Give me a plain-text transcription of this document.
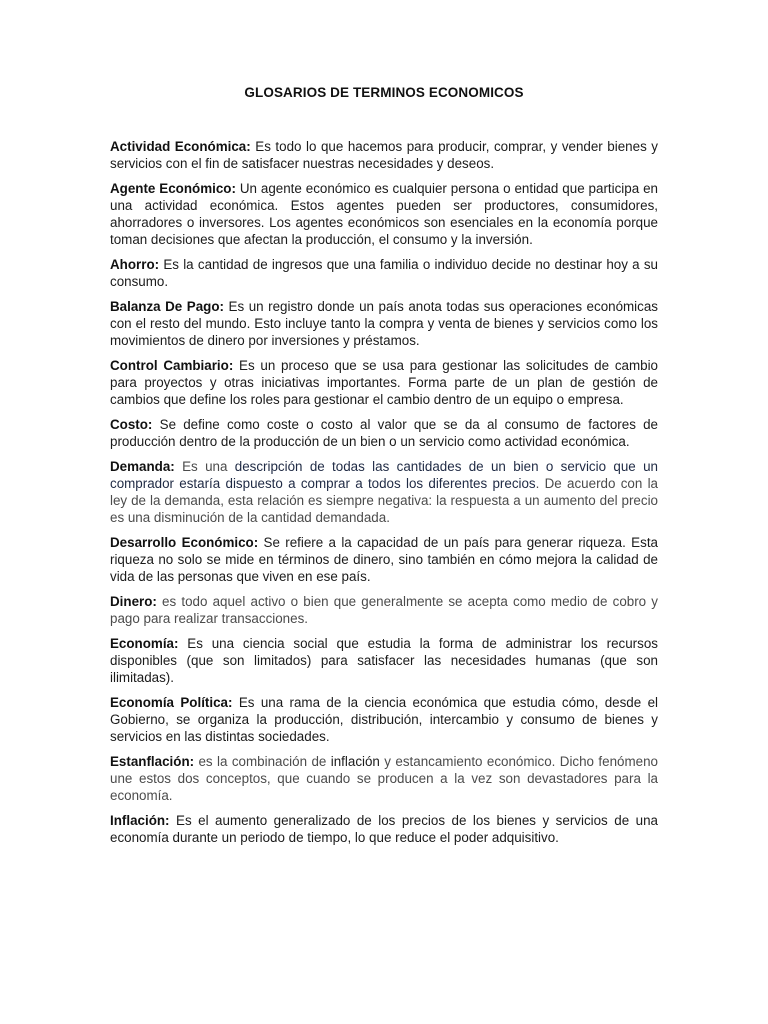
GLOSARIOS DE TERMINOS ECONOMICOS

Actividad Económica: Es todo lo que hacemos para producir, comprar, y vender bienes y servicios con el fin de satisfacer nuestras necesidades y deseos.

Agente Económico: Un agente económico es cualquier persona o entidad que participa en una actividad económica. Estos agentes pueden ser productores, consumidores, ahorradores o inversores. Los agentes económicos son esenciales en la economía porque toman decisiones que afectan la producción, el consumo y la inversión.

Ahorro: Es la cantidad de ingresos que una familia o individuo decide no destinar hoy a su consumo.

Balanza De Pago: Es un registro donde un país anota todas sus operaciones económicas con el resto del mundo. Esto incluye tanto la compra y venta de bienes y servicios como los movimientos de dinero por inversiones y préstamos.

Control Cambiario: Es un proceso que se usa para gestionar las solicitudes de cambio para proyectos y otras iniciativas importantes. Forma parte de un plan de gestión de cambios que define los roles para gestionar el cambio dentro de un equipo o empresa.

Costo: Se define como coste o costo al valor que se da al consumo de factores de producción dentro de la producción de un bien o un servicio como actividad económica.

Demanda: Es una descripción de todas las cantidades de un bien o servicio que un comprador estaría dispuesto a comprar a todos los diferentes precios. De acuerdo con la ley de la demanda, esta relación es siempre negativa: la respuesta a un aumento del precio es una disminución de la cantidad demandada.

Desarrollo Económico: Se refiere a la capacidad de un país para generar riqueza. Esta riqueza no solo se mide en términos de dinero, sino también en cómo mejora la calidad de vida de las personas que viven en ese país.

Dinero: es todo aquel activo o bien que generalmente se acepta como medio de cobro y pago para realizar transacciones.

Economía: Es una ciencia social que estudia la forma de administrar los recursos disponibles (que son limitados) para satisfacer las necesidades humanas (que son ilimitadas).

Economía Política: Es una rama de la ciencia económica que estudia cómo, desde el Gobierno, se organiza la producción, distribución, intercambio y consumo de bienes y servicios en las distintas sociedades.

Estanflación: es la combinación de inflación y estancamiento económico. Dicho fenómeno une estos dos conceptos, que cuando se producen a la vez son devastadores para la economía.

Inflación: Es el aumento generalizado de los precios de los bienes y servicios de una economía durante un periodo de tiempo, lo que reduce el poder adquisitivo.
